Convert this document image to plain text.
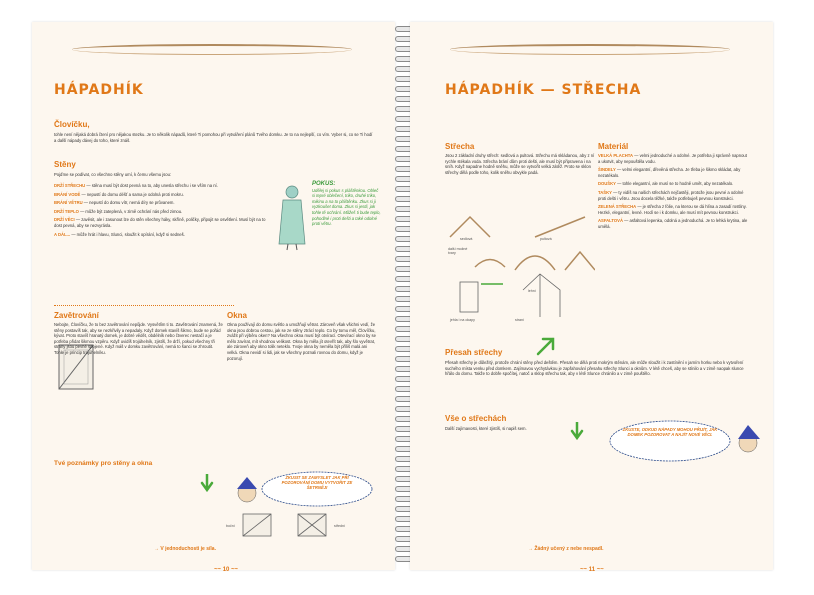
HÁPADHÍK
Človíčku,
tohle není nějaká dobrá čtení pro nějakou stezku. Je to několik nápadů, které Ti pomohou při vytváření plánů Tvého domku. Je to na nejlepší, co vím. Vyber si, co se Ti hodí a další nápady dávej do toho, které znáš.
Stěny
Pojďme se podívat, co všechno stěny umí, k čemu všemu jsou:
DRŽÍ STŘECHU — stěna musí být dost pevná na to, aby unesla střechu i se vším na ní.
BRÁNÍ VODĚ — nepustí do domu déšť a sama je odolná proti mokru.
BRÁNÍ VĚTRU — nepustí do domu vítr, nemá díry se průvanem.
DRŽÍ TEPLO — může být zateplená, v zimě ochrání nás před zimou.
DRŽÍ VĚCI — zavěsit, ale i zasunout lze do stěn všechny háky, skříně, poličky, připojit se osvětlení. Musí být na to dost pevná, aby se nezvyrásla.
A DÁL... — může hrát i hlavu, Slunci, sloužit k opírání, když si sedneš.
POKUS:
Udělej si pokus s pláštěnkou. Obleč si tepré oblečení, triko, druhé triko, mikinu a na to pláštěnku. Zkus si ji vyzkoušet doma. Zkus si jestli, jak tohle tě ochrání. Můžeš ti bude teplo, pohodlné i proti dešti a také odolné proti větru.
Zavětrování
Nebojte, Človíčku, že to bez zavětrování nepůjde. Vysvětlím ti to. Zavětrování znamená, že stěny postavíš tak, aby se nezkřivily a nepadaly. Když domek stavíš šikmo, bude se pořád kývat. Proto stavíš hranatý domek, je dobré vědět, obdélník nebo čtverec nestačí a je potřeba přidat šikmou vzpěru. Když uvidíš trojúhelník, zjistíš, že drží, pokud všechny tři strany jsou pevně spojené. Když máš v domku zavětrování, nemá to šanci se zhroutit. Tohle je princip trojúhelníku.
Okna
Okna používají do domu světlo a umožňují větrat. Zároveň však všichni vedí, že okna jsou dobrou cestou, jak se ze stěny ztrácí teplo. Co by tomu měl, Človíčku, zvážit při výběru oken? Na všechno okna musí být otvírací. Otevírací okno by se mělo zavírat, mít vhodnou velikost. Okna by měla jít otevřít tak, aby šlo vyvětrat, ale zároveň aby okno tolik neteklo. Tvoje okna by neměla být příliš malá ani velká. Okna nevidí si lidi, jak se všechny poznali rovnou do domu, když je pozorují.
Tvé poznámky pro stěny a okna
ZKUSIT SE ZAMYSLET JAK PŘI POZOROVÁNÍ DOMU VYTVOŘIT ZE ŠETRNĚJI
boční	střední
→ V jednoduchosti je síla.
~~ 10 ~~
HÁPADHÍK — STŘECHA
Střecha
Jsou 2 základní druhy střech: sedlová a pultová. Střechu má skládanou, aby z ní rychle stékala voda. Střecha brání dům proti dešti, ale musí být připravena i na sníh. Když napadne hodně sněhu, může se vytvořit velká zátěž. Proto se sklon střechy dělá podle toho, kolik sněhu obvykle padá.
sedlová	pultová
další možné tvary
jehla i na okapy
lehní
straní
Materiál
VELKÁ PLACHTA — velmi jednoduché a odolné. Je potřeba ji správně napnout a ukotvit, aby nepouštěla vodu.
ŠINDELY — velmi elegantní, dřevěná střecha. Je třeba je šikmo skládat, aby nezatékalo.
DOUŠKY — tohle elegantní, ale musí se to hodně umět, aby nezatékalo.
TAŠKY — ty vidíš na našich střechách nejčastěji, protože jsou pevné a odolné proti dešti i větru. Jsou docela těžké, takže potřebuješ pevnou konstrukci.
ZELENÁ STŘECHA — je střecha z fólie, na kterou se dá hlína a zasadí rostliny. Hezké, elegantní, levné. Hodí se i k domku, ale musí mít pevnou konstrukci.
ASFALTOVÁ — asfaltová lepenka, odolná a jednoduchá. Je to lehká krytina, ale umělá.
Přesah střechy
Přesah střechy je důležitý, protože chrání stěny před deštěm. Přesah se dělá proti mokrým stěnám, ale může sloužit i k zastínění v jarním horku nebo k vytvoření suchého místa venku před domkem. Zajímavou vychytávkou je zapřahování přesahu střechy Slunci a oknům. V létě chceš, aby se stínilo a v zimě naopak slunce hřálo do domu. Takže to dobře spočítej, natoč a sklop střechu tak, aby v létě Slunce chránilo a v zimě pouštělo.
Vše o střechách
Další zajímavosti, které zjistíš, si napiš sem.	ZKUSTE, ODKUD NÁPADY MOHOU PŘIJÍT, JAK DOMEK POZOROVAT A NAJÍT NOVÉ VĚCI.
→ Žádný učený z nebe nespadl.
~~ 11 ~~
